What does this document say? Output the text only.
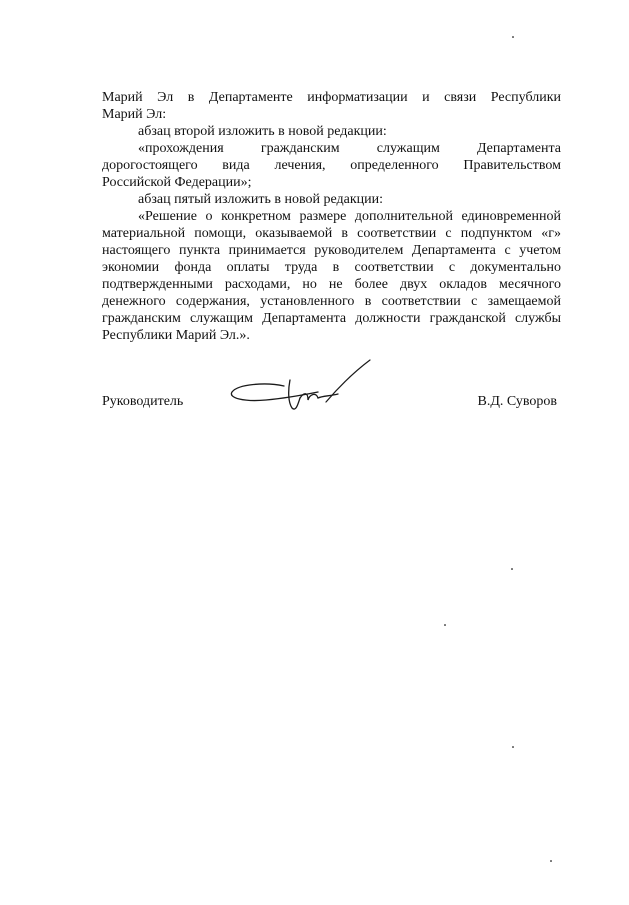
Марий Эл в Департаменте информатизации и связи Республики
Марий Эл:
абзац второй изложить в новой редакции:
«прохождения гражданским служащим Департамента
дорогостоящего вида лечения, определенного Правительством
Российской Федерации»;
абзац пятый изложить в новой редакции:
«Решение о конкретном размере дополнительной единовременной
материальной помощи, оказываемой в соответствии с подпунктом «г»
настоящего пункта принимается руководителем Департамента с учетом
экономии фонда оплаты труда в соответствии с документально
подтвержденными расходами, но не более двух окладов месячного
денежного содержания, установленного в соответствии с замещаемой
гражданским служащим Департамента должности гражданской службы
Республики Марий Эл.».
Руководитель	В.Д. Суворов
